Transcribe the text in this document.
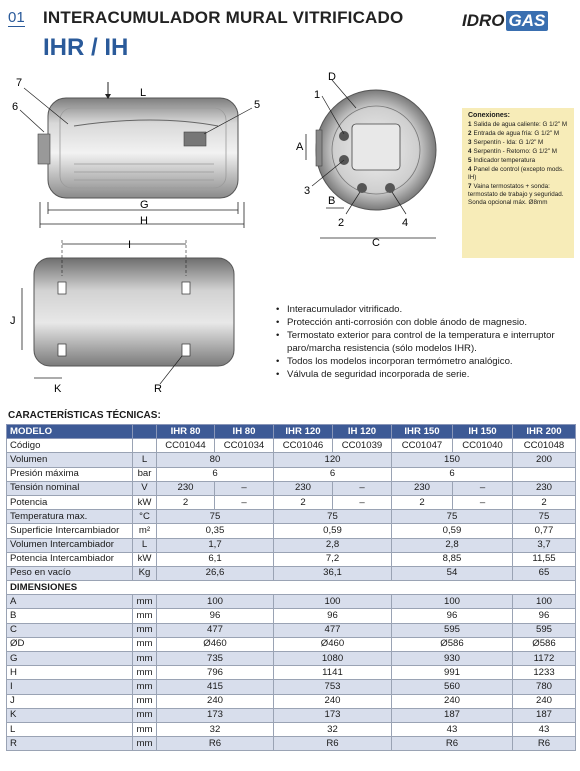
01 INTERACUMULADOR MURAL VITRIFICADO
IHR / IH
IDRO GAS
7
L
6	5
G
H
D
1
A
3
B
2	4
C
I
J
K	R
Conexiones:
1 Salida de agua caliente: G 1/2" M
2 Entrada de agua fría: G 1/2" M
3 Serpentín - Ida: G 1/2" M
4 Serpentín - Retorno: G 1/2" M
5 Indicador temperatura
4 Panel de control (excepto mods. IH)
7 Vaina termostatos + sonda: termostato de trabajo y seguridad. Sonda opcional máx. Ø8mm
• Interacumulador vitrificado.
• Protección anti-corrosión con doble ánodo de magnesio.
• Termostato exterior para control de la temperatura e interruptor paro/marcha resistencia (sólo modelos IHR).
• Todos los modelos incorporan termómetro analógico.
• Válvula de seguridad incorporada de serie.
CARACTERÍSTICAS TÉCNICAS:
MODELO		IHR 80	IH 80	IHR 120	IH 120	IHR 150	IH 150	IHR 200
Código		CC01044	CC01034	CC01046	CC01039	CC01047	CC01040	CC01048
Volumen	L	80		120		150		200
Presión máxima	bar	6		6		6		
Tensión nominal	V	230	–	230	–	230	–	230
Potencia	kW	2	–	2	–	2	–	2
Temperatura max.	°C	75		75		75		75
Superficie Intercambiador	m²	0,35		0,59		0,59		0,77
Volumen Intercambiador	L	1,7		2,8		2,8		3,7
Potencia Intercambiador	kW	6,1		7,2		8,85		11,55
Peso en vacío	Kg	26,6		36,1		54		65
DIMENSIONES								
A	mm	100		100		100		100
B	mm	96		96		96		96
C	mm	477		477		595		595
ØD	mm	Ø460		Ø460		Ø586		Ø586
G	mm	735		1080		930		1172
H	mm	796		1141		991		1233
I	mm	415		753		560		780
J	mm	240		240		240		240
K	mm	173		173		187		187
L	mm	32		32		43		43
R	mm	R6		R6		R6		R6
